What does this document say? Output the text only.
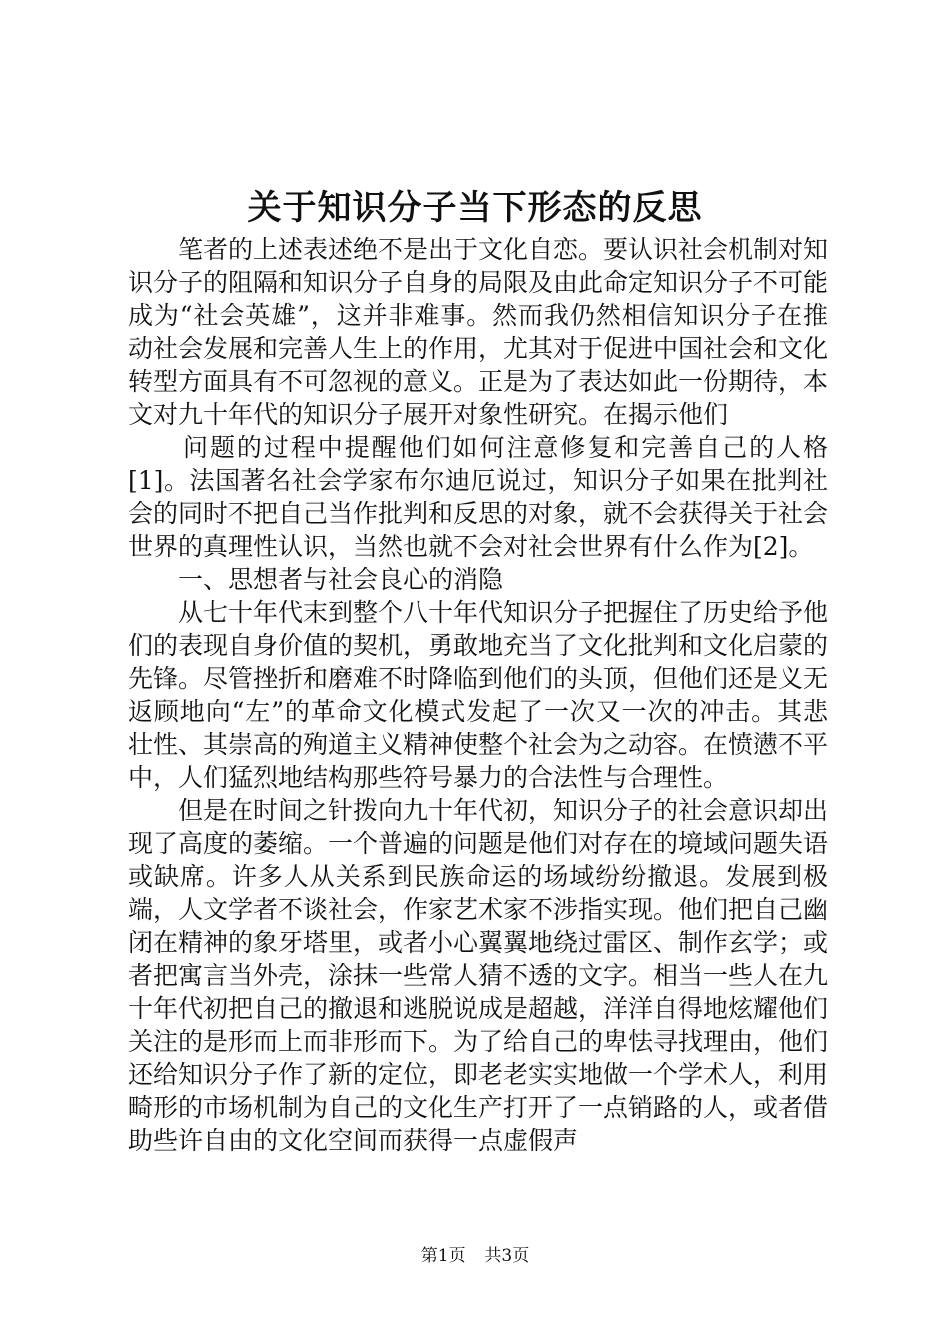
关于知识分子当下形态的反思

笔者的上述表述绝不是出于文化自恋。要认识社会机制对知识分子的阻隔和知识分子自身的局限及由此命定知识分子不可能成为“社会英雄”，这并非难事。然而我仍然相信知识分子在推动社会发展和完善人生上的作用，尤其对于促进中国社会和文化转型方面具有不可忽视的意义。正是为了表达如此一份期待，本文对九十年代的知识分子展开对象性研究。在揭示他们

问题的过程中提醒他们如何注意修复和完善自己的人格[1]。法国著名社会学家布尔迪厄说过，知识分子如果在批判社会的同时不把自己当作批判和反思的对象，就不会获得关于社会世界的真理性认识，当然也就不会对社会世界有什么作为[2]。

一、思想者与社会良心的消隐

从七十年代末到整个八十年代知识分子把握住了历史给予他们的表现自身价值的契机，勇敢地充当了文化批判和文化启蒙的先锋。尽管挫折和磨难不时降临到他们的头顶，但他们还是义无返顾地向“左”的革命文化模式发起了一次又一次的冲击。其悲壮性、其崇高的殉道主义精神使整个社会为之动容。在愤懑不平中，人们猛烈地结构那些符号暴力的合法性与合理性。

但是在时间之针拨向九十年代初，知识分子的社会意识却出现了高度的萎缩。一个普遍的问题是他们对存在的境域问题失语或缺席。许多人从关系到民族命运的场域纷纷撤退。发展到极端，人文学者不谈社会，作家艺术家不涉指实现。他们把自己幽闭在精神的象牙塔里，或者小心翼翼地绕过雷区、制作玄学；或者把寓言当外壳，涂抹一些常人猜不透的文字。相当一些人在九十年代初把自己的撤退和逃脱说成是超越，洋洋自得地炫耀他们关注的是形而上而非形而下。为了给自己的卑怯寻找理由，他们还给知识分子作了新的定位，即老老实实地做一个学术人，利用畸形的市场机制为自己的文化生产打开了一点销路的人，或者借助些许自由的文化空间而获得一点虚假声

第1页 共3页
